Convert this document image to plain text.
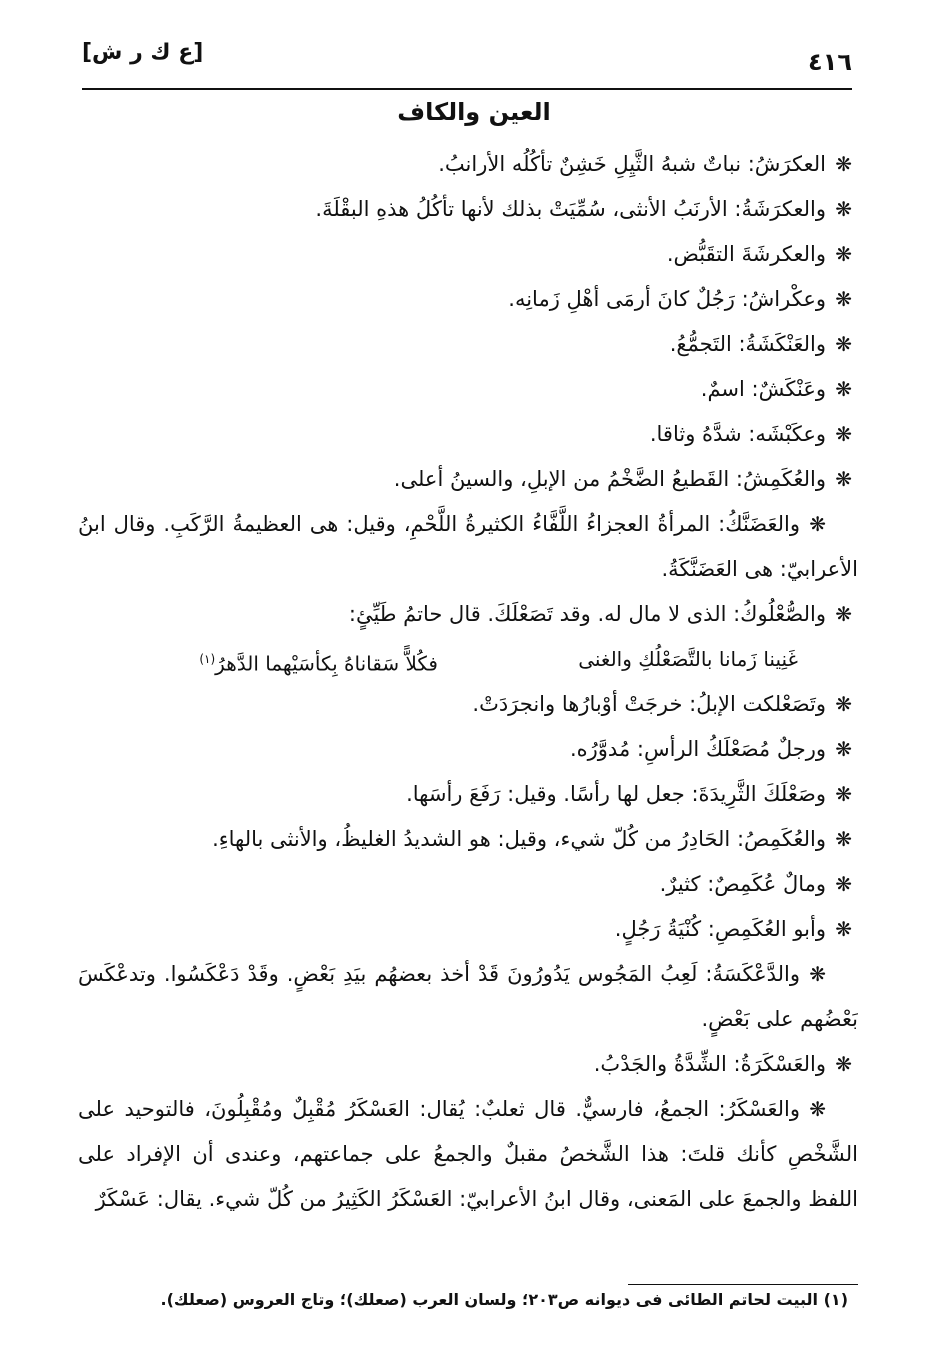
[ع ك ر ش]	٤١٦
العين والكاف
❋
العكرَشُ: نباتٌ شبهُ الثَّيِلِ خَشِنٌ تأكُلُه الأرانبُ.
❋
والعكرَشَةُ: الأرنَبُ الأنثى، سُمِّيَتْ بذلك لأنها تأكُلُ هذهِ البقْلَةَ.
❋
والعكرشَةَ التقَبُّض.
❋
وعكْراشُ: رَجُلٌ كانَ أرمَى أهْلِ زَمانِه.
❋
والعَنْكَشَةُ: التَجمُّعُ.
❋
وعَنْكَشٌ: اسمٌ.
❋
وعكَبْشَه: شدَّهُ وثاقا.
❋
والعُكَمِشُ: القَطيعُ الضَّخْمُ من الإبلِ، والسينُ أعلى.
❋والعَضَنَّكُ: المرأةُ العجزاءُ اللَّفَّاءُ الكثيرةُ اللَّحْمِ، وقيل: هى العظيمةُ الرَّكَبِ. وقال ابنُ الأعرابيّ: هى العَضَنَّكَةُ.
❋
والصُّعْلُوكُ: الذى لا مال له. وقد تَصَعْلَكَ. قال حاتمُ طَيِّئٍ:
غَنِينا زَمانا بالتَّصَعْلُكِ والغنى
فكُلاًّ سَقاناهُ بِكأسَيْهما الدَّهرُ$^{(١)}$
❋
وتَصَعْلكت الإبلُ: خرجَتْ أوْبارُها وانجرَدَتْ.
❋
ورجلٌ مُصَعْلَكُ الرأسِ: مُدوَّرُه.
❋
وصَعْلَكَ الثَّرِيدَةَ: جعل لها رأسًا. وقيل: رَفَعَ رأسَها.
❋
والعُكَمِصُ: الحَادِرُ من كُلّ شيء، وقيل: هو الشديدُ الغليظُ، والأنثى بالهاءِ.
❋
ومالٌ عُكَمِصٌ: كثيرٌ.
❋
وأبو العُكَمِصِ: كُنْيَةُ رَجُلٍ.
❋والدَّعْكَسَةُ: لَعِبُ المَجُوس يَدُورُونَ قَدْ أخذ بعضهُم بيَدِ بَعْضٍ. وقَدْ دَعْكَسُوا. وتدعْكَسَ بَعْضُهم على بَعْضٍ.
❋
والعَسْكَرَةُ: الشِّدَّةُ والجَدْبُ.
❋والعَسْكَرُ: الجمعُ، فارسيٌّ. قال ثعلبٌ: يُقال: العَسْكَرُ مُقْبِلٌ ومُقْبِلُونَ، فالتوحيد على الشَّخْصِ كأنك قلتَ: هذا الشَّخصُ مقبلٌ والجمعُ على جماعتهم، وعندى أن الإفراد على اللفظ والجمعَ على المَعنى، وقال ابنُ الأعرابيّ: العَسْكَرُ الكَثِيرُ من كُلّ شيء. يقال: عَسْكَرٌ
(١) البيت لحاتم الطائى فى ديوانه ص٢٠٣؛ ولسان العرب (صعلك)؛ وتاج العروس (صعلك).
